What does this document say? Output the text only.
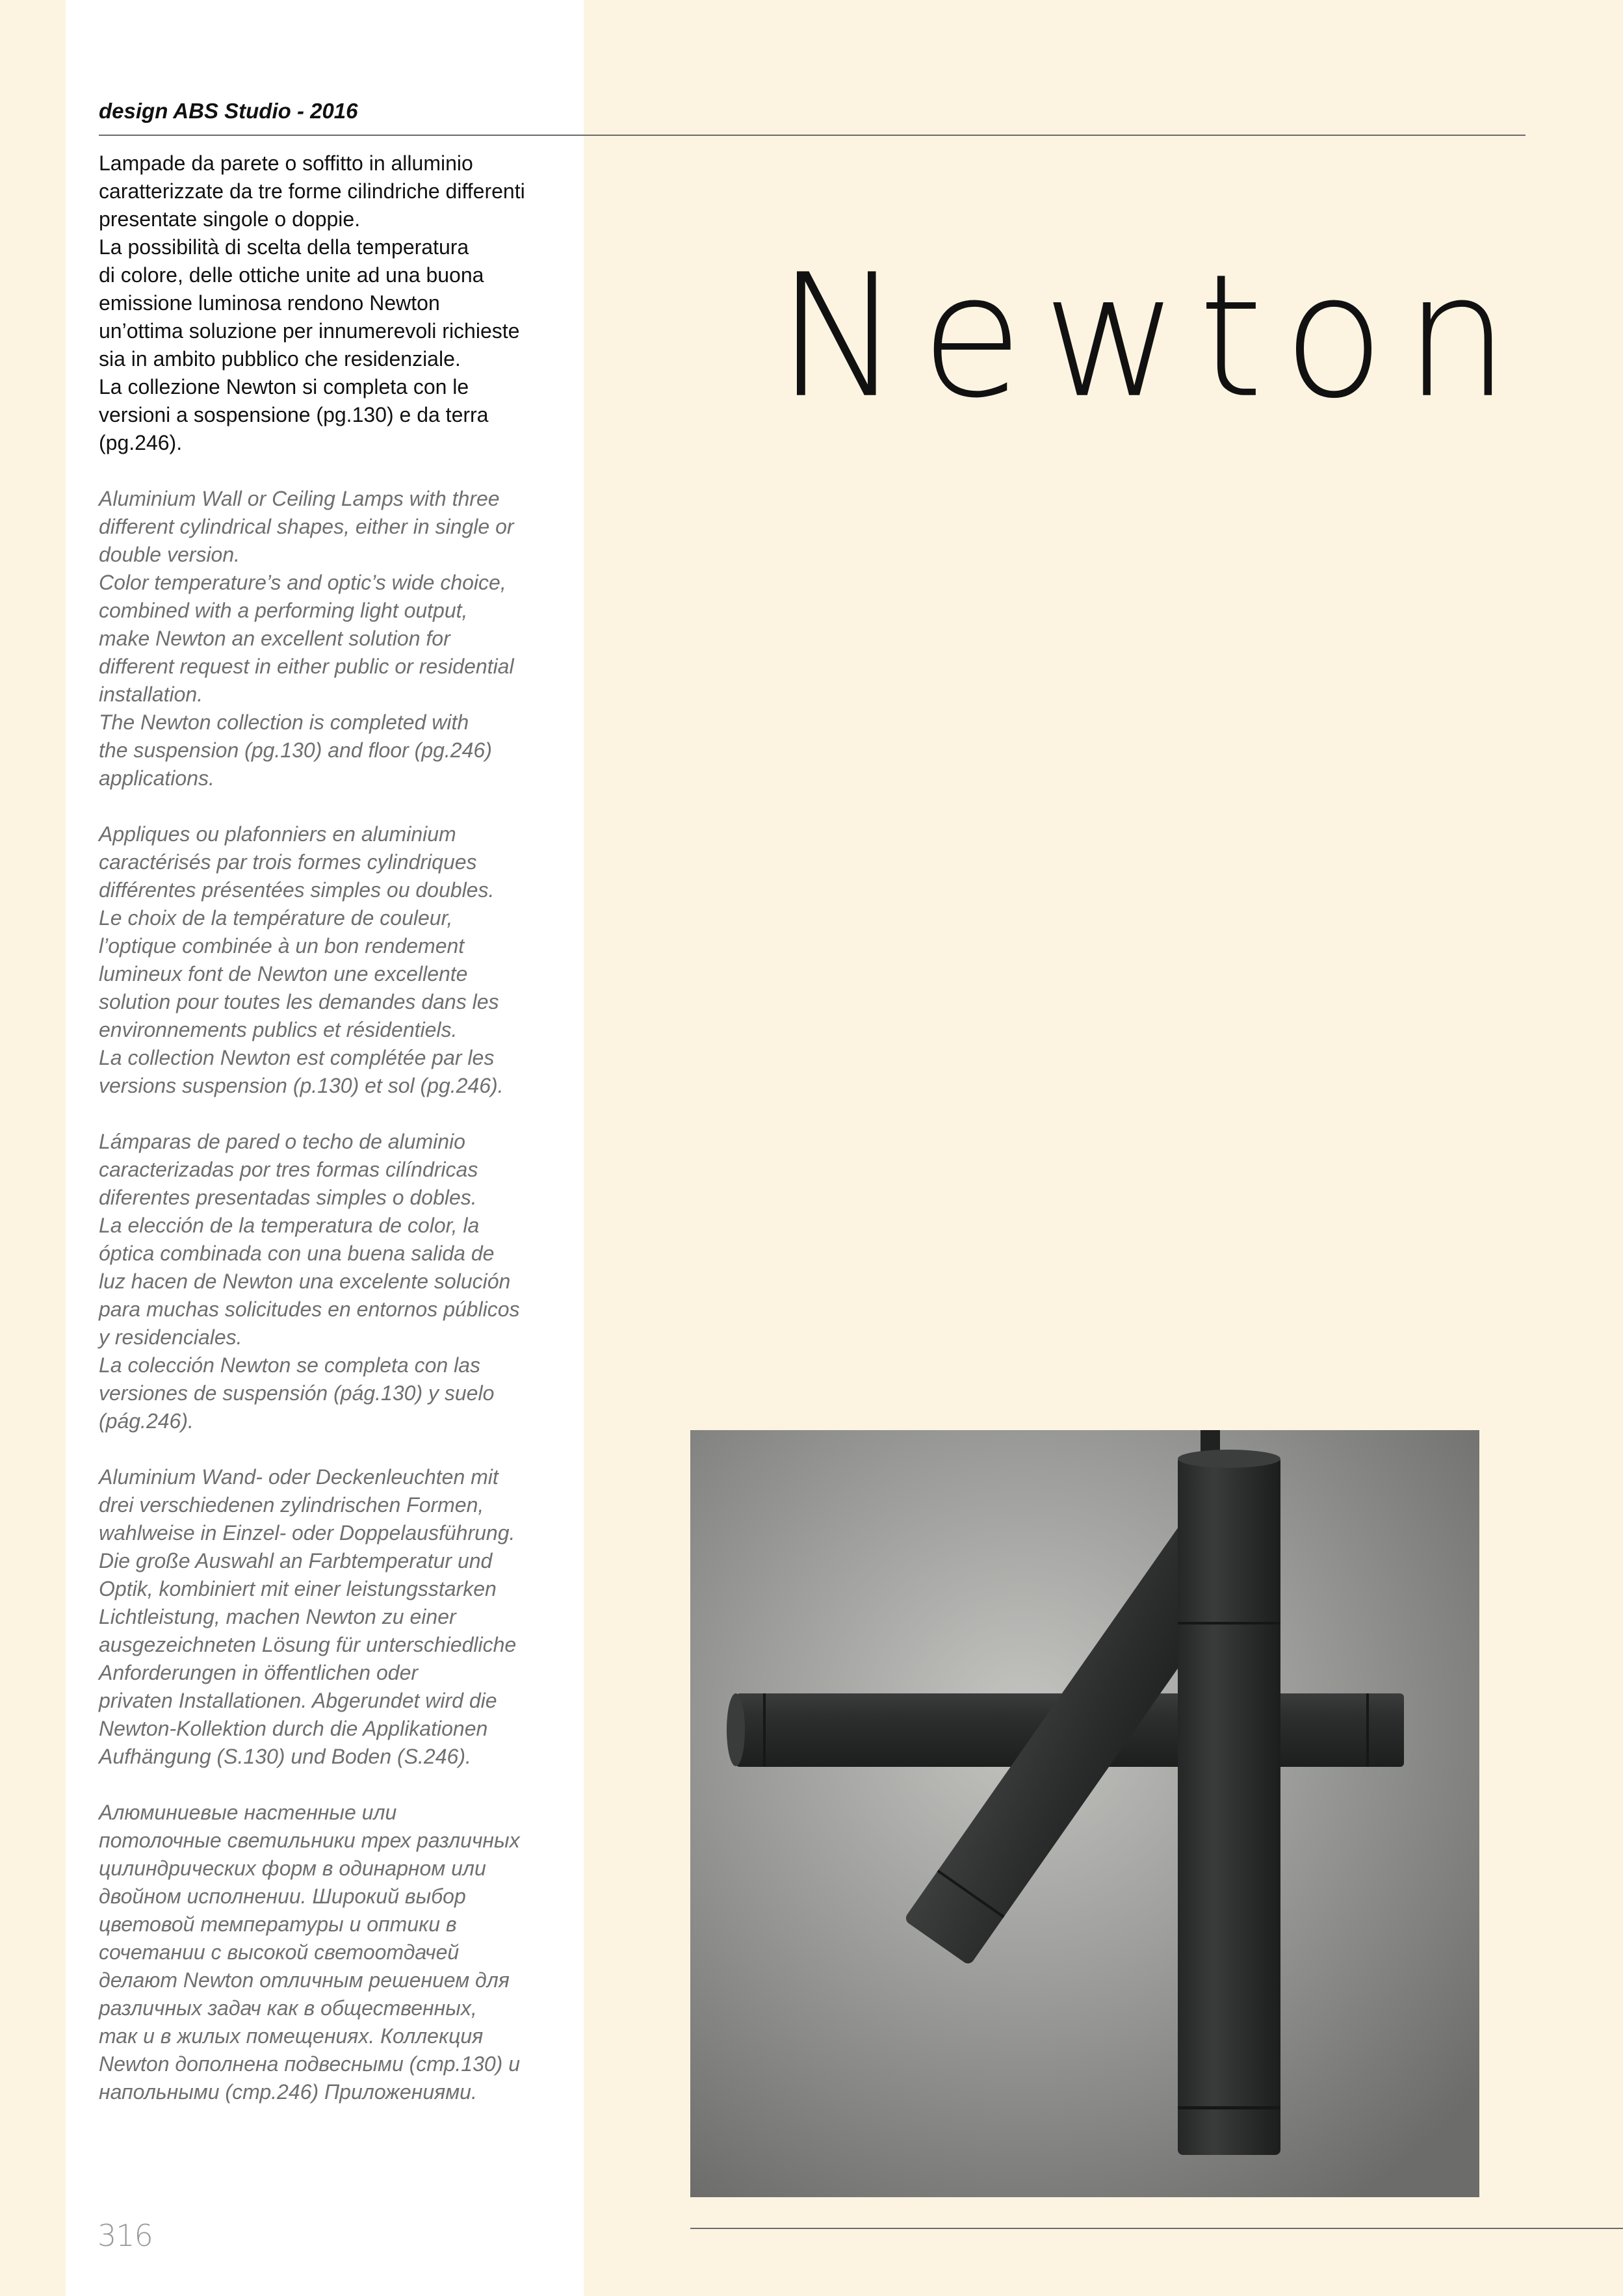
design ABS Studio - 2016

Lampade da parete o soffitto in alluminio
caratterizzate da tre forme cilindriche differenti
presentate singole o doppie.
La possibilità di scelta della temperatura
di colore, delle ottiche unite ad una buona
emissione luminosa rendono Newton
un’ottima soluzione per innumerevoli richieste
sia in ambito pubblico che residenziale.
La collezione Newton si completa con le
versioni a sospensione (pg.130) e da terra
(pg.246).

Aluminium Wall or Ceiling Lamps with three
different cylindrical shapes, either in single or
double version.
Color temperature’s and optic’s wide choice,
combined with a performing light output,
make Newton an excellent solution for
different request in either public or residential
installation.
The Newton collection is completed with
the suspension (pg.130) and floor (pg.246)
applications.

Appliques ou plafonniers en aluminium
caractérisés par trois formes cylindriques
différentes présentées simples ou doubles.
Le choix de la température de couleur,
l’optique combinée à un bon rendement
lumineux font de Newton une excellente
solution pour toutes les demandes dans les
environnements publics et résidentiels.
La collection Newton est complétée par les
versions suspension (p.130) et sol (pg.246).

Lámparas de pared o techo de aluminio
caracterizadas por tres formas cilíndricas
diferentes presentadas simples o dobles.
La elección de la temperatura de color, la
óptica combinada con una buena salida de
luz hacen de Newton una excelente solución
para muchas solicitudes en entornos públicos
y residenciales.
La colección Newton se completa con las
versiones de suspensión (pág.130) y suelo
(pág.246).

Aluminium Wand- oder Deckenleuchten mit
drei verschiedenen zylindrischen Formen,
wahlweise in Einzel- oder Doppelausführung.
Die große Auswahl an Farbtemperatur und
Optik, kombiniert mit einer leistungsstarken
Lichtleistung, machen Newton zu einer
ausgezeichneten Lösung für unterschiedliche
Anforderungen in öffentlichen oder
privaten Installationen. Abgerundet wird die
Newton-Kollektion durch die Applikationen
Aufhängung (S.130) und Boden (S.246).

Алюминиевые настенные или
потолочные светильники трех различных
цилиндрических форм в одинарном или
двойном исполнении. Широкий выбор
цветовой температуры и оптики в
сочетании с высокой светоотдачей
делают Newton отличным решением для
различных задач как в общественных,
так и в жилых помещениях. Коллекция
Newton дополнена подвесными (стр.130) и
напольными (стр.246) Приложениями.

Newton
316
